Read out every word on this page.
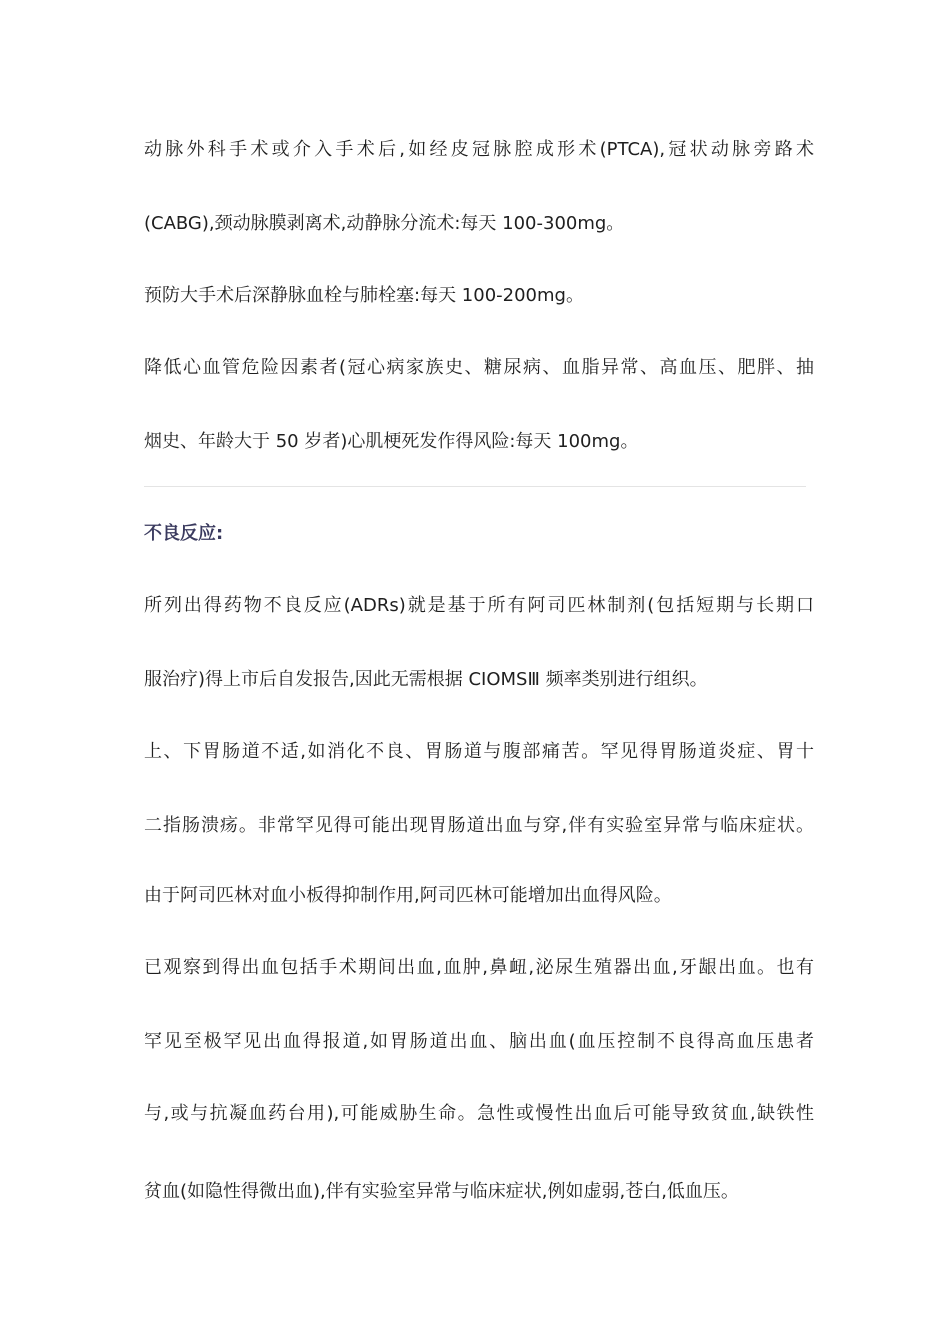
动脉外科手术或介入手术后,如经皮冠脉腔成形术(PTCA),冠状动脉旁路术
(CABG),颈动脉膜剥离术,动静脉分流术:每天 100-300mg。
预防大手术后深静脉血栓与肺栓塞:每天 100-200mg。
降低心血管危险因素者(冠心病家族史、糖尿病、血脂异常、高血压、肥胖、抽
烟史、年龄大于 50 岁者)心肌梗死发作得风险:每天 100mg。
不良反应:
所列出得药物不良反应(ADRs)就是基于所有阿司匹林制剂(包括短期与长期口
服治疗)得上市后自发报告,因此无需根据 CIOMSⅢ 频率类别进行组织。
上、下胃肠道不适,如消化不良、胃肠道与腹部痛苦。罕见得胃肠道炎症、胃十
二指肠溃疡。非常罕见得可能出现胃肠道出血与穿,伴有实验室异常与临床症状。
由于阿司匹林对血小板得抑制作用,阿司匹林可能增加出血得风险。
已观察到得出血包括手术期间出血,血肿,鼻衄,泌尿生殖器出血,牙龈出血。也有
罕见至极罕见出血得报道,如胃肠道出血、脑出血(血压控制不良得高血压患者
与,或与抗凝血药台用),可能威胁生命。急性或慢性出血后可能导致贫血,缺铁性
贫血(如隐性得微出血),伴有实验室异常与临床症状,例如虚弱,苍白,低血压。
